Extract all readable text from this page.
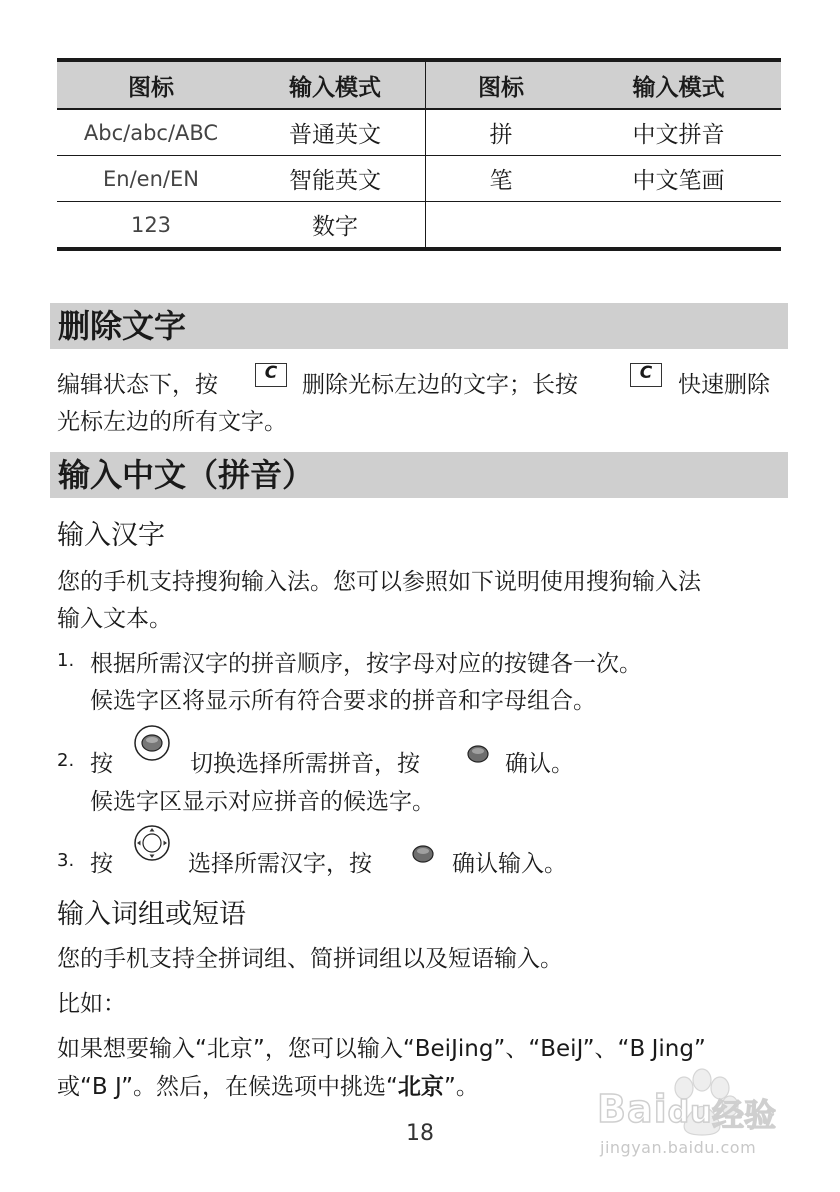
图标	输入模式	图标	输入模式
Abc/abc/ABC	普通英文	拼	中文拼音
En/en/EN	智能英文	笔	中文笔画
123	数字		
删除文字
编辑状态下，按	C	删除光标左边的文字；长按	C	快速删除
光标左边的所有文字。
输入中文（拼音）
输入汉字
您的手机支持搜狗输入法。您可以参照如下说明使用搜狗输入法
输入文本。
1. 根据所需汉字的拼音顺序，按字母对应的按键各一次。
候选字区将显示所有符合要求的拼音和字母组合。
2. 按	切换选择所需拼音，按	确认。
候选字区显示对应拼音的候选字。
3. 按	选择所需汉字，按	确认输入。
输入词组或短语
您的手机支持全拼词组、简拼词组以及短语输入。
比如：
如果想要输入“北京”，您可以输入“BeiJing”、“BeiJ”、“B Jing”
或“B J”。然后，在候选项中挑选“北京”。
18
Baidu 经验
jingyan.baidu.com
